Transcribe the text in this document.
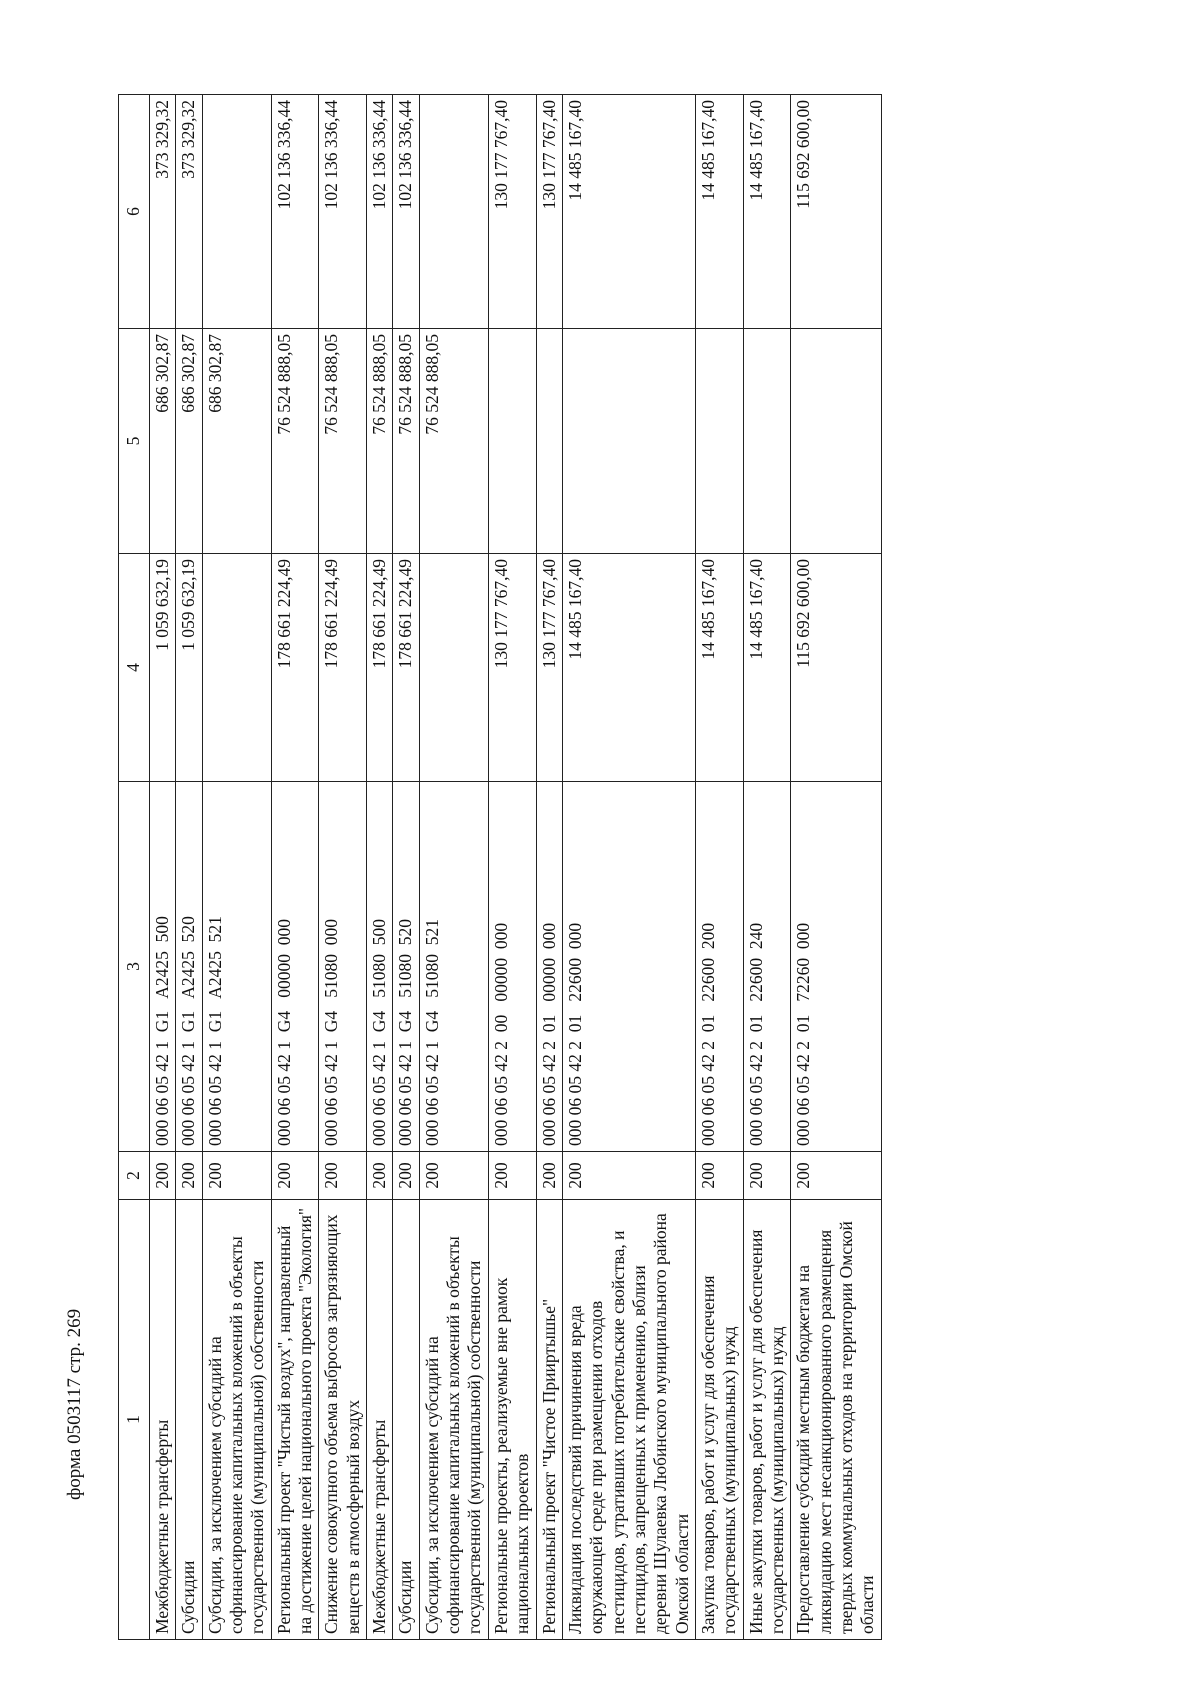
форма 0503117 стр. 269 1	2	3	4	5	6
Межбюджетные трансферты	200	000 06 05 42 1  G1   A2425  500	1 059 632,19	686 302,87	373 329,32
Субсидии	200	000 06 05 42 1  G1   A2425  520	1 059 632,19	686 302,87	373 329,32
Субсидии, за исключением субсидий на софинансирование капитальных вложений в объекты государственной (муниципальной) собственности	200	000 06 05 42 1  G1   A2425  521		686 302,87	
Региональный проект "Чистый воздух", направленный на достижение целей национального проекта "Экология"	200	000 06 05 42 1  G4   00000  000	178 661 224,49	76 524 888,05	102 136 336,44
Снижение совокупного объема выбросов загрязняющих веществ в атмосферный воздух	200	000 06 05 42 1  G4   51080  000	178 661 224,49	76 524 888,05	102 136 336,44
Межбюджетные трансферты	200	000 06 05 42 1  G4   51080  500	178 661 224,49	76 524 888,05	102 136 336,44
Субсидии	200	000 06 05 42 1  G4   51080  520	178 661 224,49	76 524 888,05	102 136 336,44
Субсидии, за исключением субсидий на софинансирование капитальных вложений в объекты государственной (муниципальной) собственности	200	000 06 05 42 1  G4   51080  521		76 524 888,05	
Региональные проекты, реализуемые вне рамок национальных проектов	200	000 06 05 42 2  00   00000  000	130 177 767,40		130 177 767,40
Региональный проект "Чистое Прииртышье"	200	000 06 05 42 2  01   00000  000	130 177 767,40		130 177 767,40
Ликвидация последствий причинения вреда окружающей среде при размещении отходов пестицидов, утративших потребительские свойства, и пестицидов, запрещенных к применению, вблизи деревни Шулаевка Любинского муниципального района Омской области	200	000 06 05 42 2  01   22600  000	14 485 167,40		14 485 167,40
Закупка товаров, работ и услуг для обеспечения государственных (муниципальных) нужд	200	000 06 05 42 2  01   22600  200	14 485 167,40		14 485 167,40
Иные закупки товаров, работ и услуг для обеспечения государственных (муниципальных) нужд	200	000 06 05 42 2  01   22600  240	14 485 167,40		14 485 167,40
Предоставление субсидий местным бюджетам на ликвидацию мест несанкционированного размещения твердых коммунальных отходов на территории Омской области	200	000 06 05 42 2  01   72260  000	115 692 600,00		115 692 600,00
